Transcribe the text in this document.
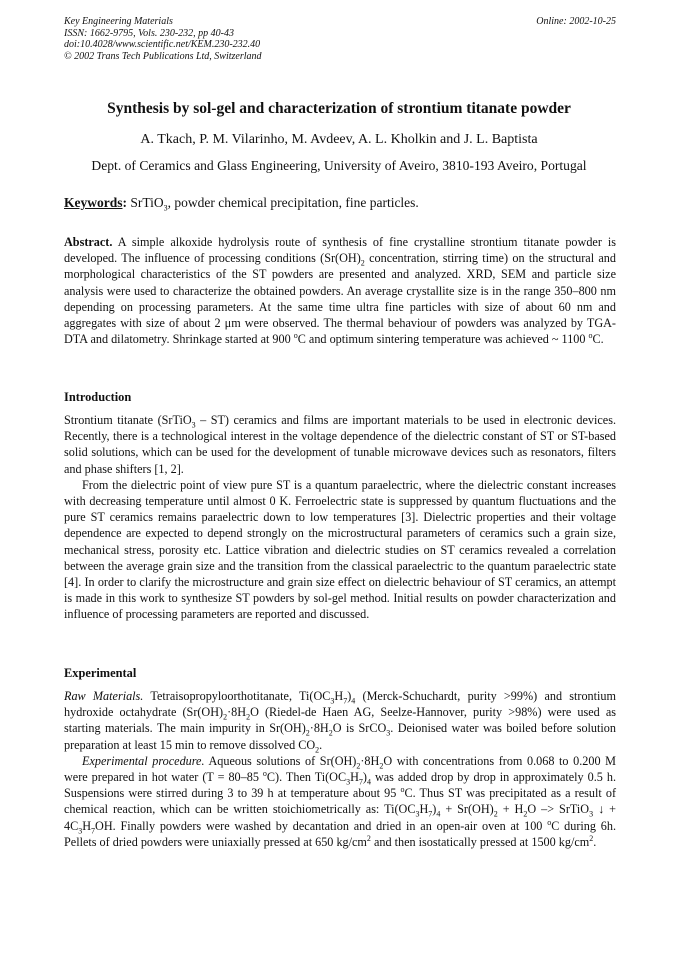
Key Engineering Materials
ISSN: 1662-9795, Vols. 230-232, pp 40-43
doi:10.4028/www.scientific.net/KEM.230-232.40
© 2002 Trans Tech Publications Ltd, Switzerland
Online: 2002-10-25
Synthesis by sol-gel and characterization of strontium titanate powder
A. Tkach, P. M. Vilarinho, M. Avdeev, A. L. Kholkin and J. L. Baptista
Dept. of Ceramics and Glass Engineering, University of Aveiro, 3810-193 Aveiro, Portugal
Keywords: SrTiO$_3$, powder chemical precipitation, fine particles.

Abstract. A simple alkoxide hydrolysis route of synthesis of fine crystalline strontium titanate powder is developed. The influence of processing conditions ($Sr(OH)_2$ concentration, stirring time) on the structural and morphological characteristics of the ST powders are presented and analyzed. XRD, SEM and particle size analysis were used to characterize the obtained powders. An average crystallite size is in the range 350–800 nm depending on processing parameters. At the same time ultra fine particles with size of about 60 nm and aggregates with size of about 2 μm were observed. The thermal behaviour of powders was analyzed by TGA-DTA and dilatometry. Shrinkage started at 900 $^o$C and optimum sintering temperature was achieved ~ 1100 $^o$C.

Introduction

Strontium titanate (SrTiO$_3$ – ST) ceramics and films are important materials to be used in electronic devices. Recently, there is a technological interest in the voltage dependence of the dielectric constant of ST or ST-based solid solutions, which can be used for the development of tunable microwave devices such as resonators, filters and phase shifters [1, 2].

From the dielectric point of view pure ST is a quantum paraelectric, where the dielectric constant increases with decreasing temperature until almost 0 K. Ferroelectric state is suppressed by quantum fluctuations and the pure ST ceramics remains paraelectric down to low temperatures [3]. Dielectric properties and their voltage dependence are expected to depend strongly on the microstructural parameters of ceramics such a grain size, mechanical stress, porosity etc. Lattice vibration and dielectric studies on ST ceramics revealed a correlation between the average grain size and the transition from the classical paraelectric to the quantum paraelectric state [4]. In order to clarify the microstructure and grain size effect on dielectric behaviour of ST ceramics, an attempt is made in this work to synthesize ST powders by sol-gel method. Initial results on powder characterization and influence of processing parameters are reported and discussed.

Experimental

Raw Materials. Tetraisopropyloorthotitanate, $Ti(OC_3H_7)_4$ (Merck-Schuchardt, purity >99%) and strontium hydroxide octahydrate ($Sr(OH)_2\cdot 8H_2O$ (Riedel-de Haen AG, Seelze-Hannover, purity >98%) were used as starting materials. The main impurity in $Sr(OH)_2\cdot 8H_2O$ is SrCO$_3$. Deionised water was boiled before solution preparation at least 15 min to remove dissolved $CO_2$.

Experimental procedure. Aqueous solutions of $Sr(OH)_2\cdot 8H_2O$ with concentrations from 0.068 to 0.200 M were prepared in hot water (T = 80–85 $^o$C). Then $Ti(OC_3H_7)_4$ was added drop by drop in approximately 0.5 h. Suspensions were stirred during 3 to 39 h at temperature about 95 $^o$C. Thus ST was precipitated as a result of chemical reaction, which can be written stoichiometrically as: $Ti(OC_3H_7)_4 + Sr(OH)_2 + H_2O$ –> SrTiO$_3$ ↓ + $4C_3H_7OH$. Finally powders were washed by decantation and dried in an open-air oven at 100 $^o$C during 6h. Pellets of dried powders were uniaxially pressed at 650 $kg/cm^2$ and then isostatically pressed at 1500 $kg/cm^2$.
